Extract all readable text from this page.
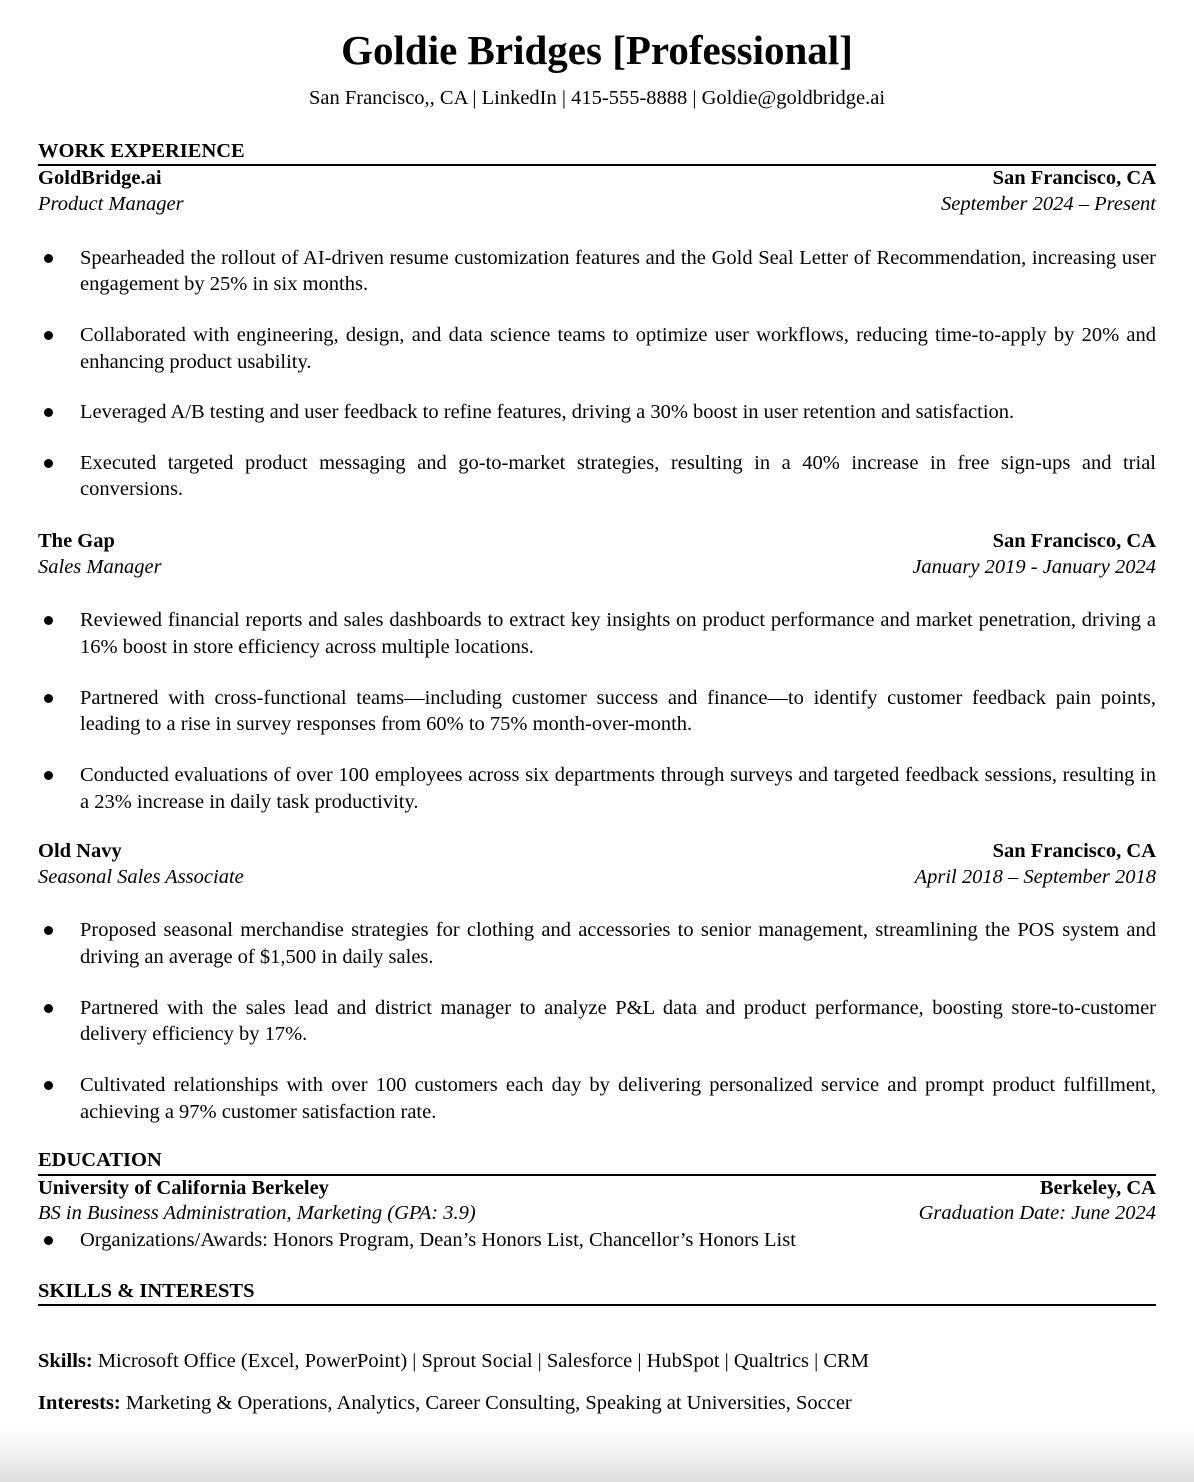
Goldie Bridges [Professional]
San Francisco,, CA | LinkedIn | 415-555-8888 | Goldie@goldbridge.ai
WORK EXPERIENCE
GoldBridge.ai	San Francisco, CA
Product Manager	September 2024 – Present
Spearheaded the rollout of AI-driven resume customization features and the Gold Seal Letter of Recommendation, increasing user engagement by 25% in six months.
Collaborated with engineering, design, and data science teams to optimize user workflows, reducing time-to-apply by 20% and enhancing product usability.
Leveraged A/B testing and user feedback to refine features, driving a 30% boost in user retention and satisfaction.
Executed targeted product messaging and go-to-market strategies, resulting in a 40% increase in free sign-ups and trial conversions.
The Gap	San Francisco, CA
Sales Manager	January 2019 - January 2024
Reviewed financial reports and sales dashboards to extract key insights on product performance and market penetration, driving a 16% boost in store efficiency across multiple locations.
Partnered with cross-functional teams—including customer success and finance—to identify customer feedback pain points, leading to a rise in survey responses from 60% to 75% month-over-month.
Conducted evaluations of over 100 employees across six departments through surveys and targeted feedback sessions, resulting in a 23% increase in daily task productivity.
Old Navy	San Francisco, CA
Seasonal Sales Associate	April 2018 – September 2018
Proposed seasonal merchandise strategies for clothing and accessories to senior management, streamlining the POS system and driving an average of $1,500 in daily sales.
Partnered with the sales lead and district manager to analyze P&L data and product performance, boosting store-to-customer delivery efficiency by 17%.
Cultivated relationships with over 100 customers each day by delivering personalized service and prompt product fulfillment, achieving a 97% customer satisfaction rate.
EDUCATION
University of California Berkeley	Berkeley, CA
BS in Business Administration, Marketing (GPA: 3.9)	Graduation Date: June 2024
Organizations/Awards: Honors Program, Dean’s Honors List, Chancellor’s Honors List
SKILLS & INTERESTS
Skills: Microsoft Office (Excel, PowerPoint) | Sprout Social | Salesforce | HubSpot | Qualtrics | CRM
Interests: Marketing & Operations, Analytics, Career Consulting, Speaking at Universities, Soccer
